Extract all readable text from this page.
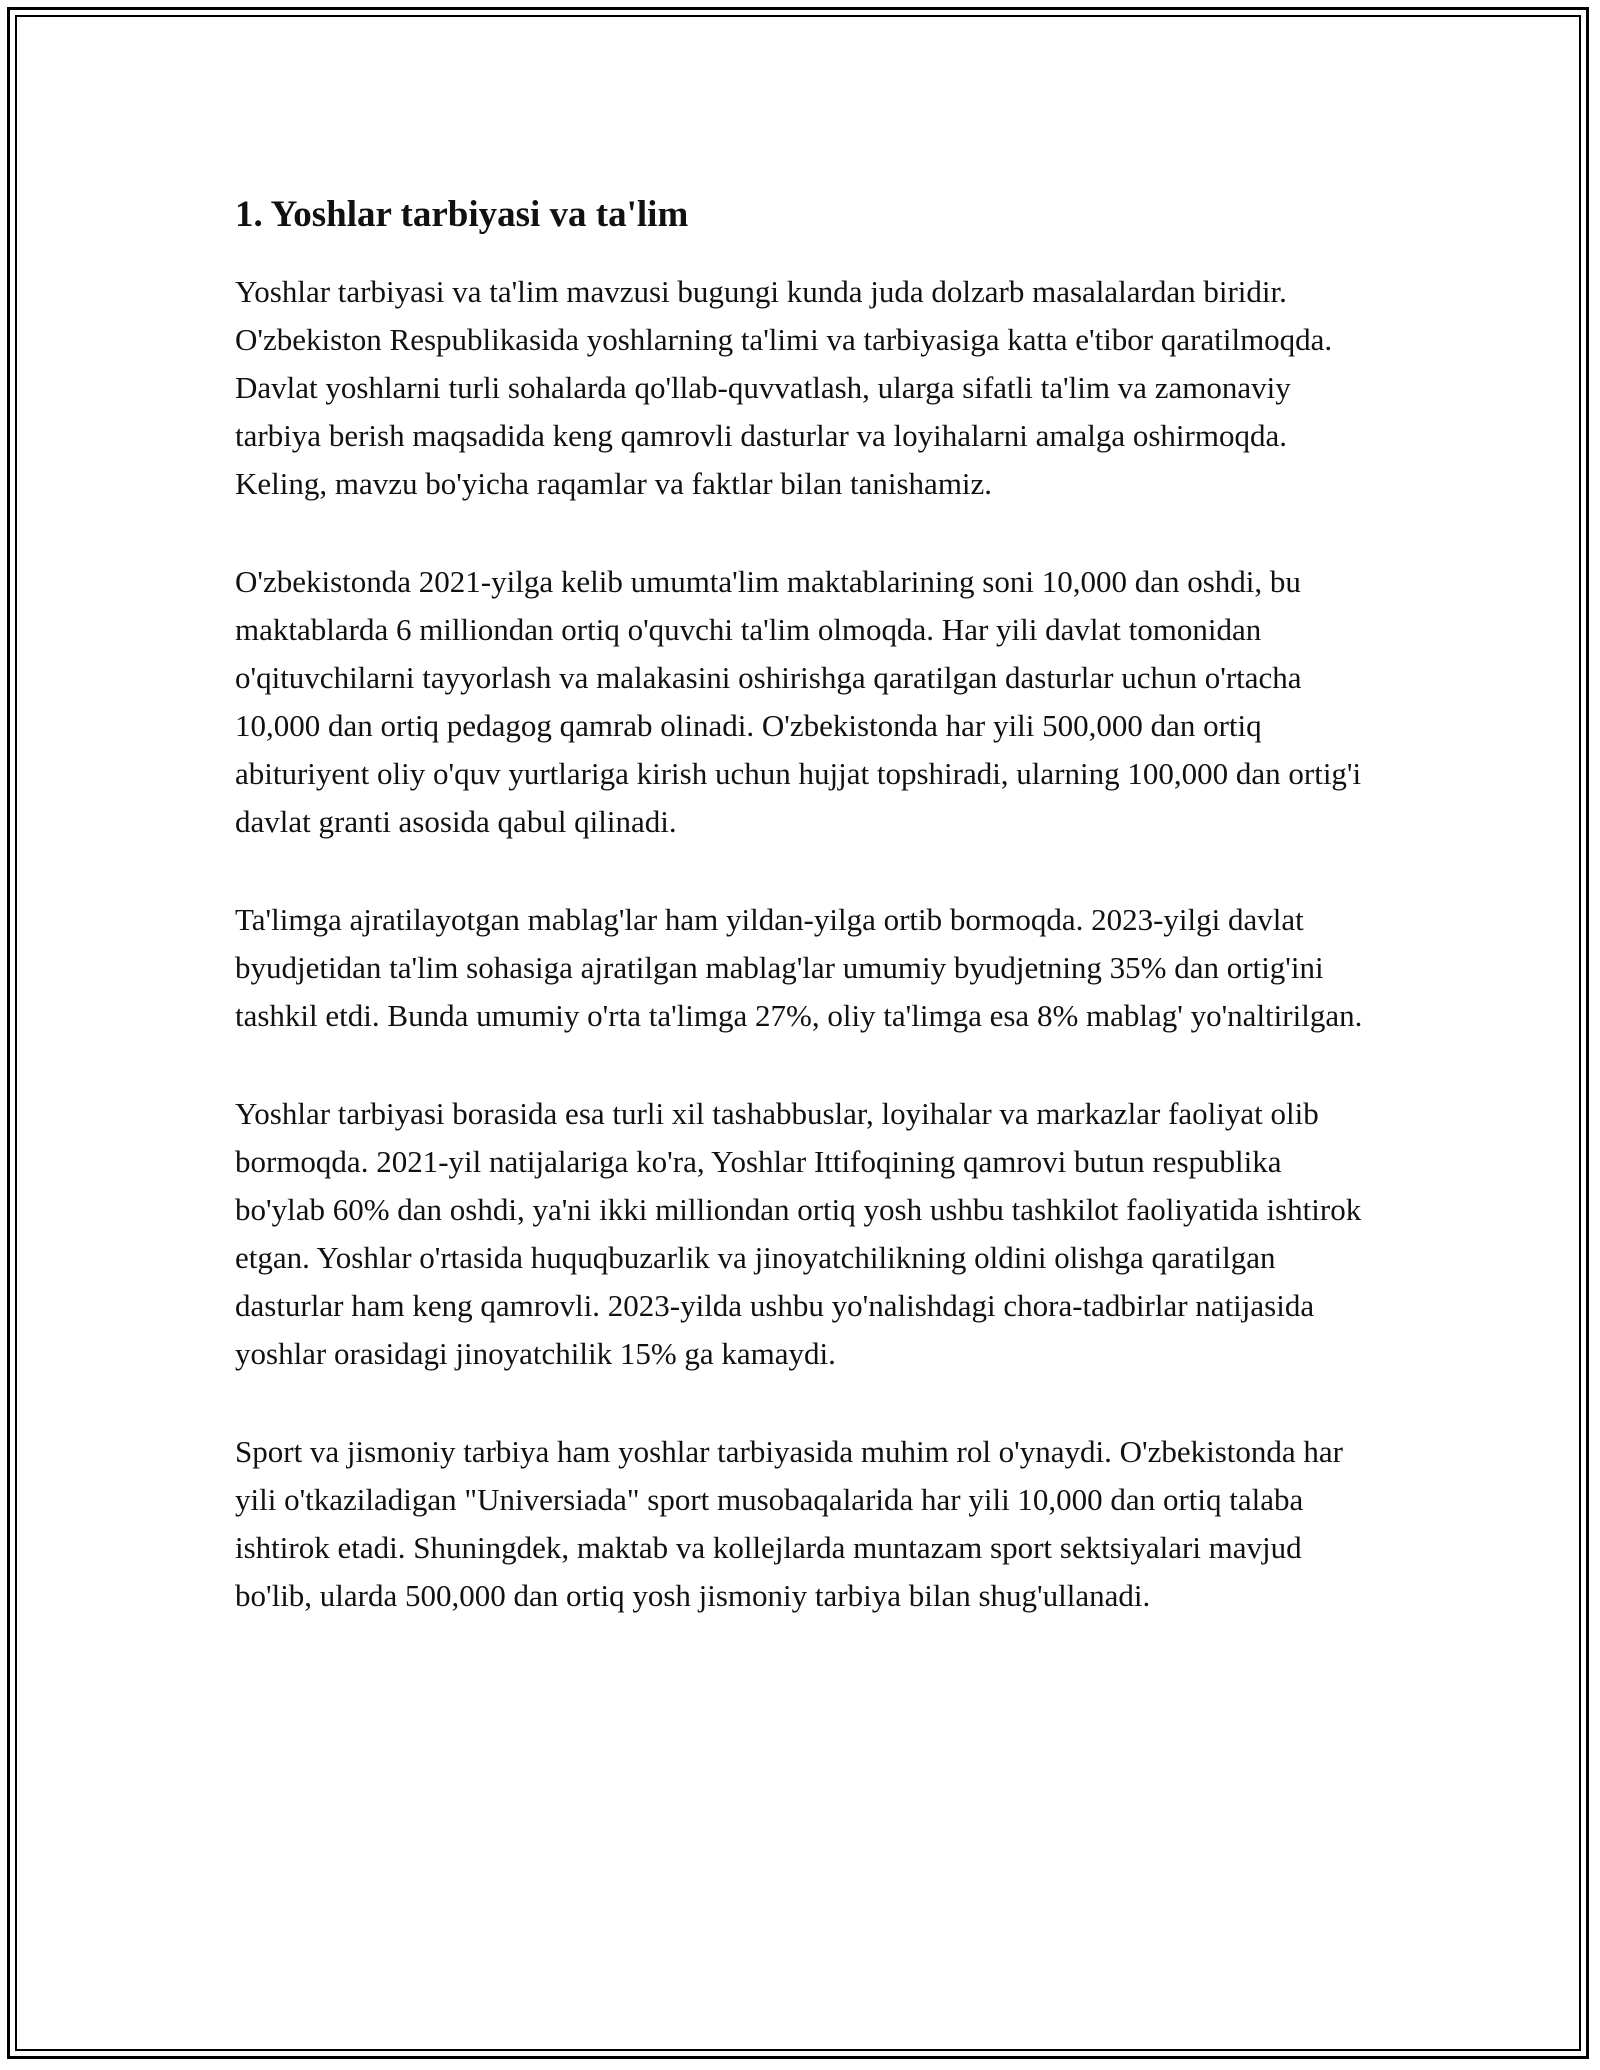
1. Yoshlar tarbiyasi va ta'lim

Yoshlar tarbiyasi va ta'lim mavzusi bugungi kunda juda dolzarb masalalardan biridir. O'zbekiston Respublikasida yoshlarning ta'limi va tarbiyasiga katta e'tibor qaratilmoqda. Davlat yoshlarni turli sohalarda qo'llab-quvvatlash, ularga sifatli ta'lim va zamonaviy tarbiya berish maqsadida keng qamrovli dasturlar va loyihalarni amalga oshirmoqda. Keling, mavzu bo'yicha raqamlar va faktlar bilan tanishamiz.

O'zbekistonda 2021-yilga kelib umumta'lim maktablarining soni 10,000 dan oshdi, bu maktablarda 6 milliondan ortiq o'quvchi ta'lim olmoqda. Har yili davlat tomonidan o'qituvchilarni tayyorlash va malakasini oshirishga qaratilgan dasturlar uchun o'rtacha 10,000 dan ortiq pedagog qamrab olinadi. O'zbekistonda har yili 500,000 dan ortiq abituriyent oliy o'quv yurtlariga kirish uchun hujjat topshiradi, ularning 100,000 dan ortig'i davlat granti asosida qabul qilinadi.

Ta'limga ajratilayotgan mablag'lar ham yildan-yilga ortib bormoqda. 2023-yilgi davlat byudjetidan ta'lim sohasiga ajratilgan mablag'lar umumiy byudjetning 35% dan ortig'ini tashkil etdi. Bunda umumiy o'rta ta'limga 27%, oliy ta'limga esa 8% mablag' yo'naltirilgan.

Yoshlar tarbiyasi borasida esa turli xil tashabbuslar, loyihalar va markazlar faoliyat olib bormoqda. 2021-yil natijalariga ko'ra, Yoshlar Ittifoqining qamrovi butun respublika bo'ylab 60% dan oshdi, ya'ni ikki milliondan ortiq yosh ushbu tashkilot faoliyatida ishtirok etgan. Yoshlar o'rtasida huquqbuzarlik va jinoyatchilikning oldini olishga qaratilgan dasturlar ham keng qamrovli. 2023-yilda ushbu yo'nalishdagi chora-tadbirlar natijasida yoshlar orasidagi jinoyatchilik 15% ga kamaydi.

Sport va jismoniy tarbiya ham yoshlar tarbiyasida muhim rol o'ynaydi. O'zbekistonda har yili o'tkaziladigan "Universiada" sport musobaqalarida har yili 10,000 dan ortiq talaba ishtirok etadi. Shuningdek, maktab va kollejlarda muntazam sport sektsiyalari mavjud bo'lib, ularda 500,000 dan ortiq yosh jismoniy tarbiya bilan shug'ullanadi.
